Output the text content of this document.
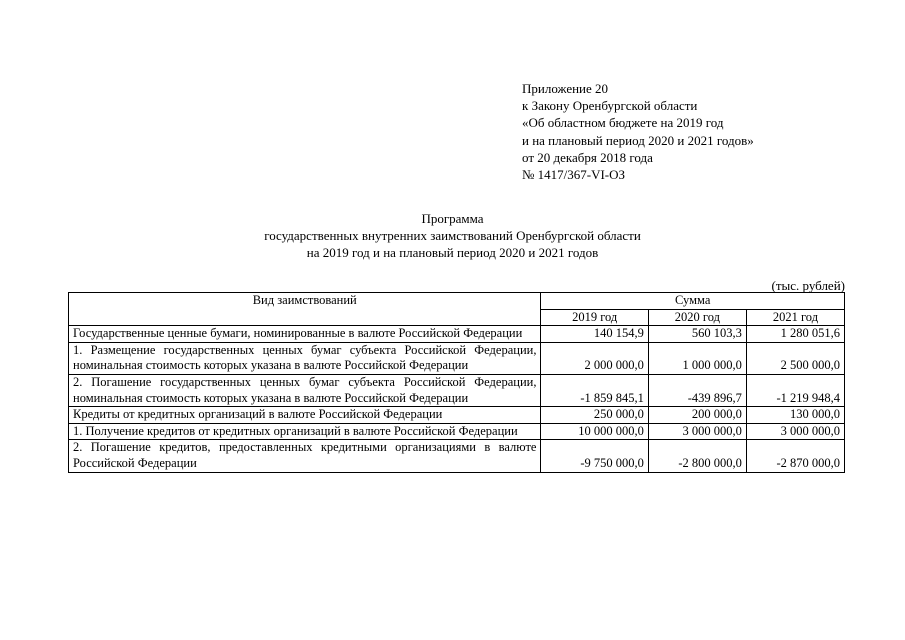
Приложение 20
к Закону Оренбургской области
«Об областном бюджете на 2019 год
и на плановый период 2020 и 2021 годов»
от 20 декабря 2018 года
№ 1417/367-VI-ОЗ
Программа
государственных внутренних заимствований Оренбургской области
на 2019 год и на плановый период 2020 и 2021 годов
(тыс. рублей)
Вид заимствований	Сумма		
	2019 год	2020 год	2021 год
Государственные ценные бумаги, номинированные в валюте Российской Федерации	140 154,9	560 103,3	1 280 051,6
1. Размещение государственных ценных бумаг субъекта Российской Федерации, номинальная стоимость которых указана в валюте Российской Федерации	2 000 000,0	1 000 000,0	2 500 000,0
2. Погашение государственных ценных бумаг субъекта Российской Федерации, номинальная стоимость которых указана в валюте Российской Федерации	-1 859 845,1	-439 896,7	-1 219 948,4
Кредиты от кредитных организаций в валюте Российской Федерации	250 000,0	200 000,0	130 000,0
1. Получение кредитов от кредитных организаций в валюте Российской Федерации	10 000 000,0	3 000 000,0	3 000 000,0
2. Погашение кредитов, предоставленных кредитными организациями в валюте Российской Федерации	-9 750 000,0	-2 800 000,0	-2 870 000,0
